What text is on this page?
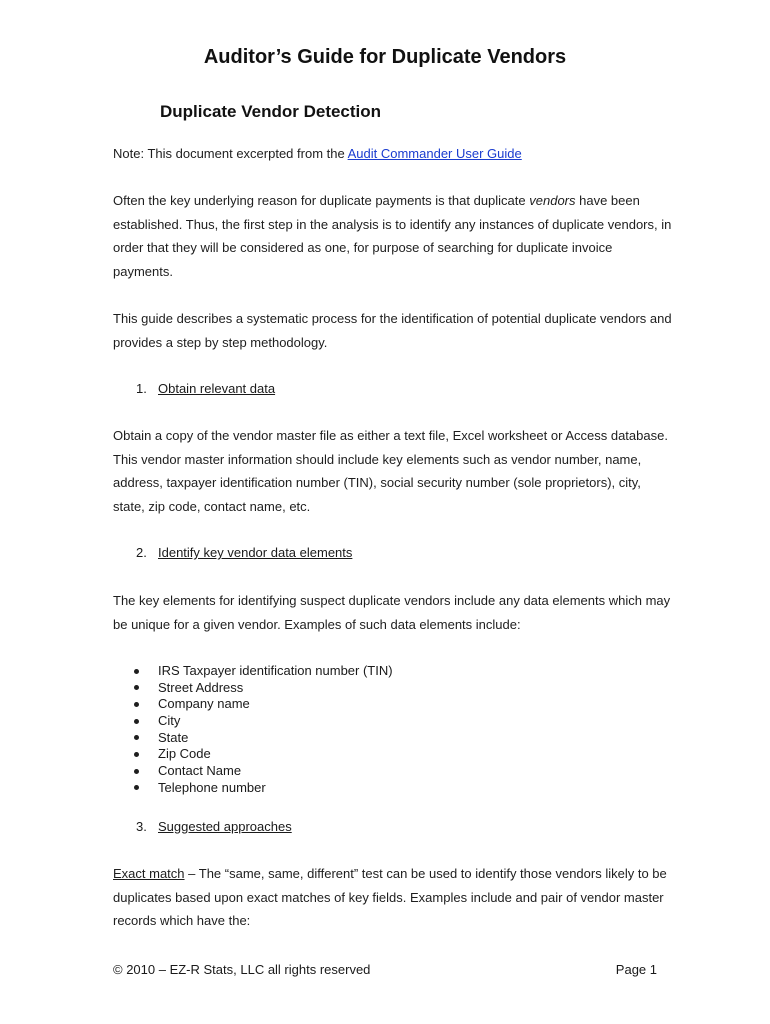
Auditor’s Guide for Duplicate Vendors
Duplicate Vendor Detection
Note: This document excerpted from the Audit Commander User Guide
Often the key underlying reason for duplicate payments is that duplicate vendors have been established. Thus, the first step in the analysis is to identify any instances of duplicate vendors, in order that they will be considered as one, for purpose of searching for duplicate invoice payments.
This guide describes a systematic process for the identification of potential duplicate vendors and provides a step by step methodology.
1. Obtain relevant data
Obtain a copy of the vendor master file as either a text file, Excel worksheet or Access database. This vendor master information should include key elements such as vendor number, name, address, taxpayer identification number (TIN), social security number (sole proprietors), city, state, zip code, contact name, etc.
2. Identify key vendor data elements
The key elements for identifying suspect duplicate vendors include any data elements which may be unique for a given vendor. Examples of such data elements include:
IRS Taxpayer identification number (TIN)
Street Address
Company name
City
State
Zip Code
Contact Name
Telephone number
3. Suggested approaches
Exact match – The “same, same, different” test can be used to identify those vendors likely to be duplicates based upon exact matches of key fields. Examples include and pair of vendor master records which have the:
© 2010 – EZ-R Stats, LLC all rights reserved	Page 1
